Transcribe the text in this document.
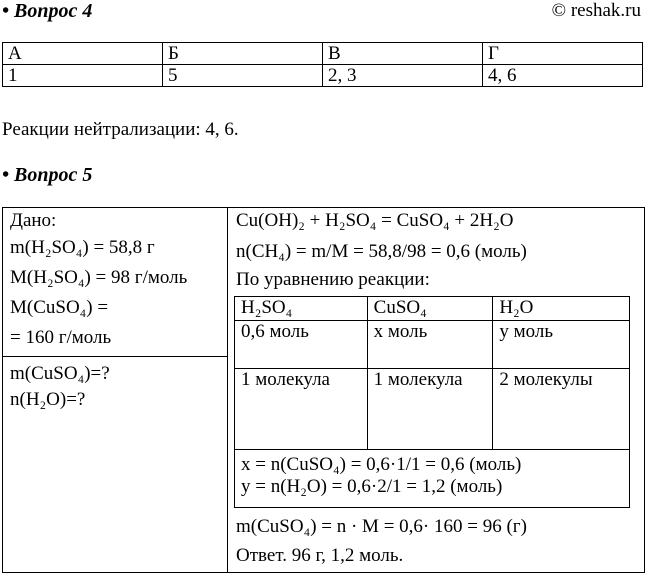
• Вопрос 4	© reshak.ru
А	Б	В	Г
1	5	2, 3	4, 6
Реакции нейтрализации: 4, 6.
• Вопрос 5
Дано:
m(H₂SO₄) = 58,8 г
M(H₂SO₄) = 98 г/моль
M(CuSO₄) =
= 160 г/моль
m(CuSO₄)=?
n(H₂O)=?
Cu(OH)₂ + H₂SO₄ = CuSO₄ + 2H₂O
n(CH₄) = m/M = 58,8/98 = 0,6 (моль)
По уравнению реакции:
H₂SO₄	CuSO₄	H₂O
0,6 моль	х моль	у моль
1 молекула	1 молекула	2 молекулы

х = n(CuSO₄) = 0,6·1/1 = 0,6 (моль)
у = n(H₂O) = 0,6·2/1 = 1,2 (моль)		
m(CuSO₄) = n · M = 0,6· 160 = 96 (г)
Ответ. 96 г, 1,2 моль.
